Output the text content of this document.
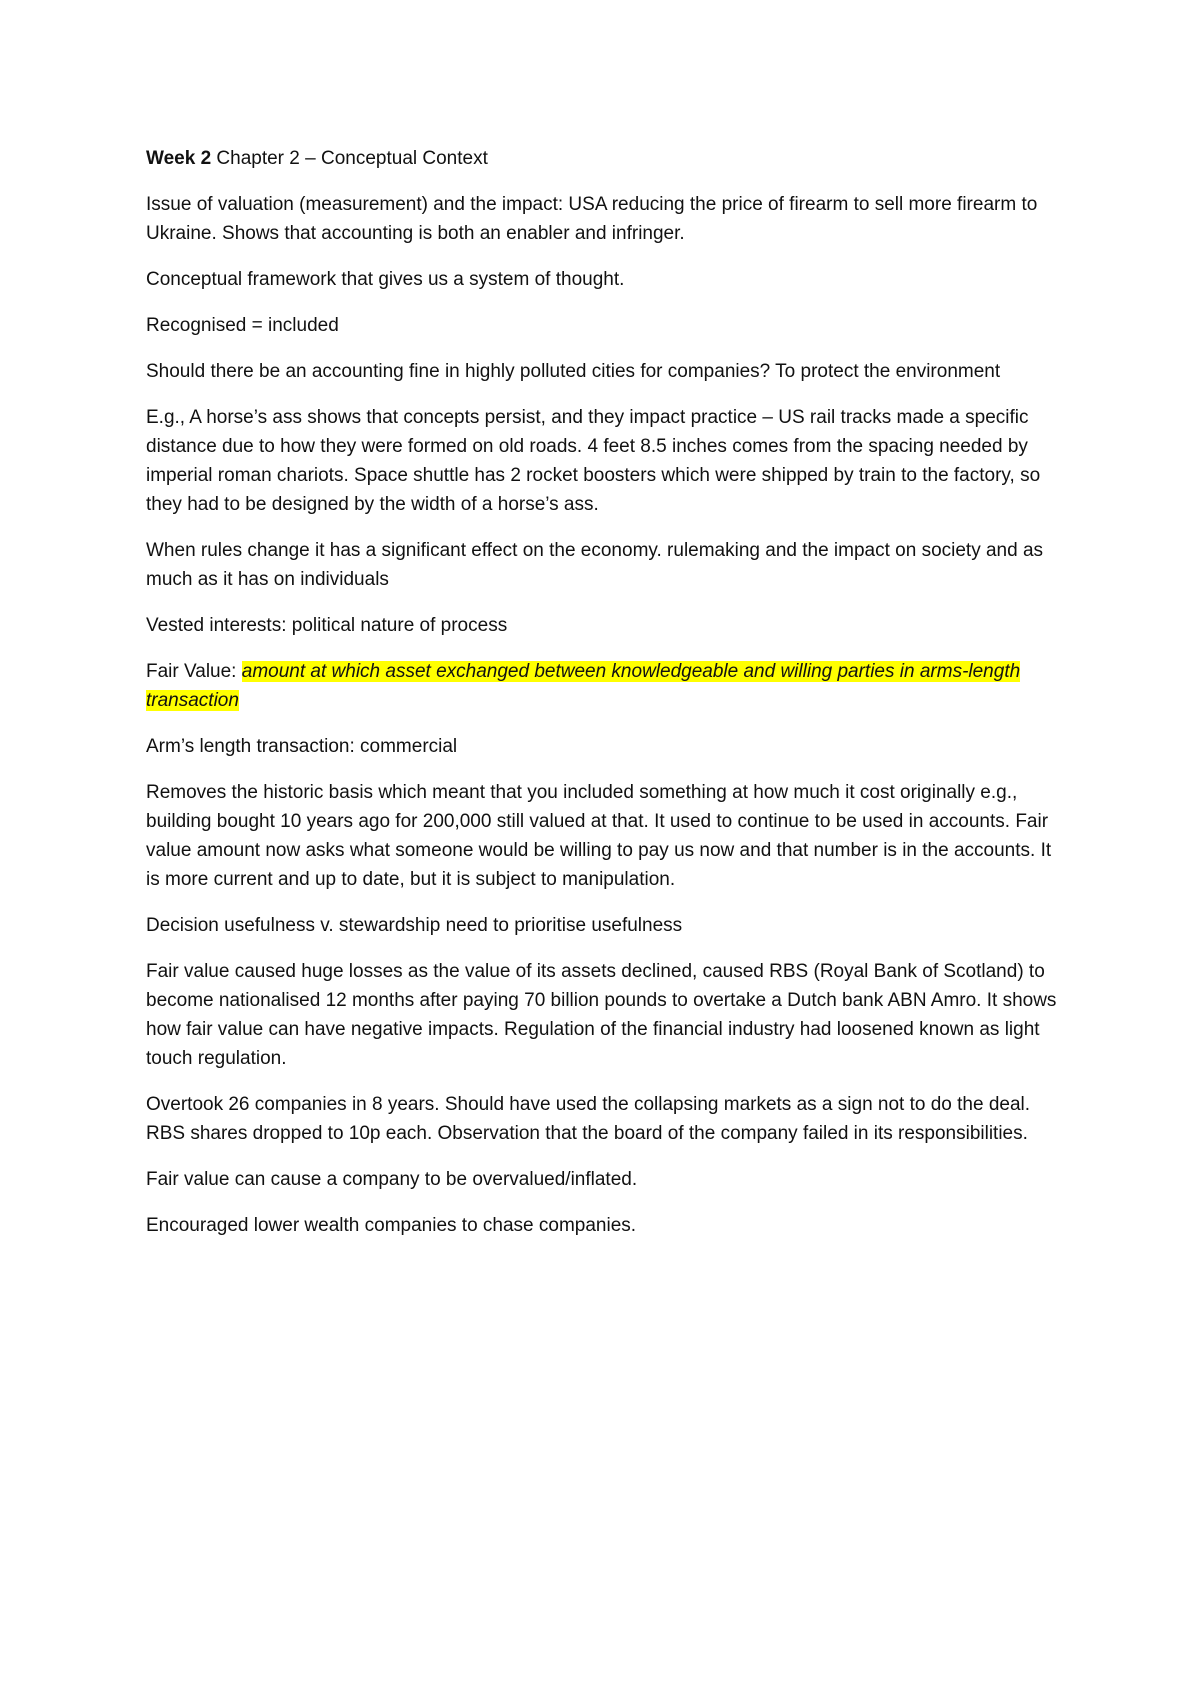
Week 2 Chapter 2 – Conceptual Context

Issue of valuation (measurement) and the impact: USA reducing the price of firearm to sell more firearm to Ukraine. Shows that accounting is both an enabler and infringer.

Conceptual framework that gives us a system of thought.

Recognised = included

Should there be an accounting fine in highly polluted cities for companies? To protect the environment

E.g., A horse’s ass shows that concepts persist, and they impact practice – US rail tracks made a specific distance due to how they were formed on old roads. 4 feet 8.5 inches comes from the spacing needed by imperial roman chariots. Space shuttle has 2 rocket boosters which were shipped by train to the factory, so they had to be designed by the width of a horse’s ass.

When rules change it has a significant effect on the economy. rulemaking and the impact on society and as much as it has on individuals

Vested interests: political nature of process

Fair Value: amount at which asset exchanged between knowledgeable and willing parties in arms-length transaction

Arm’s length transaction: commercial

Removes the historic basis which meant that you included something at how much it cost originally e.g., building bought 10 years ago for 200,000 still valued at that. It used to continue to be used in accounts. Fair value amount now asks what someone would be willing to pay us now and that number is in the accounts. It is more current and up to date, but it is subject to manipulation.

Decision usefulness v. stewardship need to prioritise usefulness

Fair value caused huge losses as the value of its assets declined, caused RBS (Royal Bank of Scotland) to become nationalised 12 months after paying 70 billion pounds to overtake a Dutch bank ABN Amro. It shows how fair value can have negative impacts. Regulation of the financial industry had loosened known as light touch regulation.

Overtook 26 companies in 8 years. Should have used the collapsing markets as a sign not to do the deal. RBS shares dropped to 10p each. Observation that the board of the company failed in its responsibilities.

Fair value can cause a company to be overvalued/inflated.

Encouraged lower wealth companies to chase companies.
